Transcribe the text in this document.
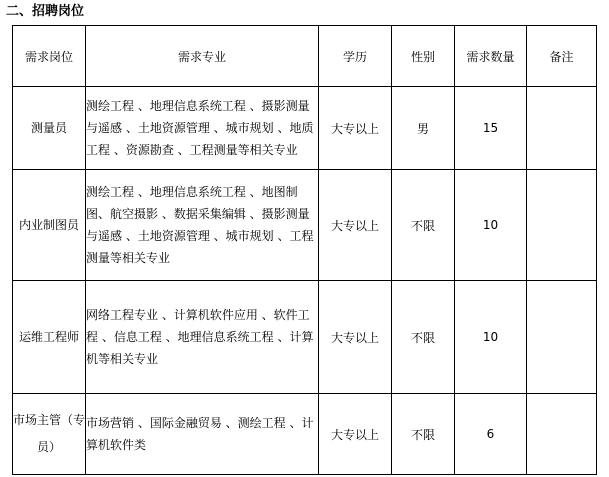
二、招聘岗位
需求岗位	需求专业	学历	性别	需求数量	备注
测量员	测绘工程 、地理信息系统工程 、摄影测量与遥感 、土地资源管理 、城市规划 、地质工程 、资源勘查 、工程测量等相关专业	大专以上	男	15	
内业制图员	测绘工程 、地理信息系统工程 、地图制图、航空摄影 、数据采集编辑 、摄影测量与遥感 、土地资源管理 、城市规划 、工程测量等相关专业	大专以上	不限	10	
运维工程师	网络工程专业 、计算机软件应用 、软件工程 、信息工程 、地理信息系统工程 、计算机等相关专业	大专以上	不限	10	
市场主管（专员）	市场营销 、国际金融贸易 、测绘工程 、计算机软件类	大专以上	不限	6	
